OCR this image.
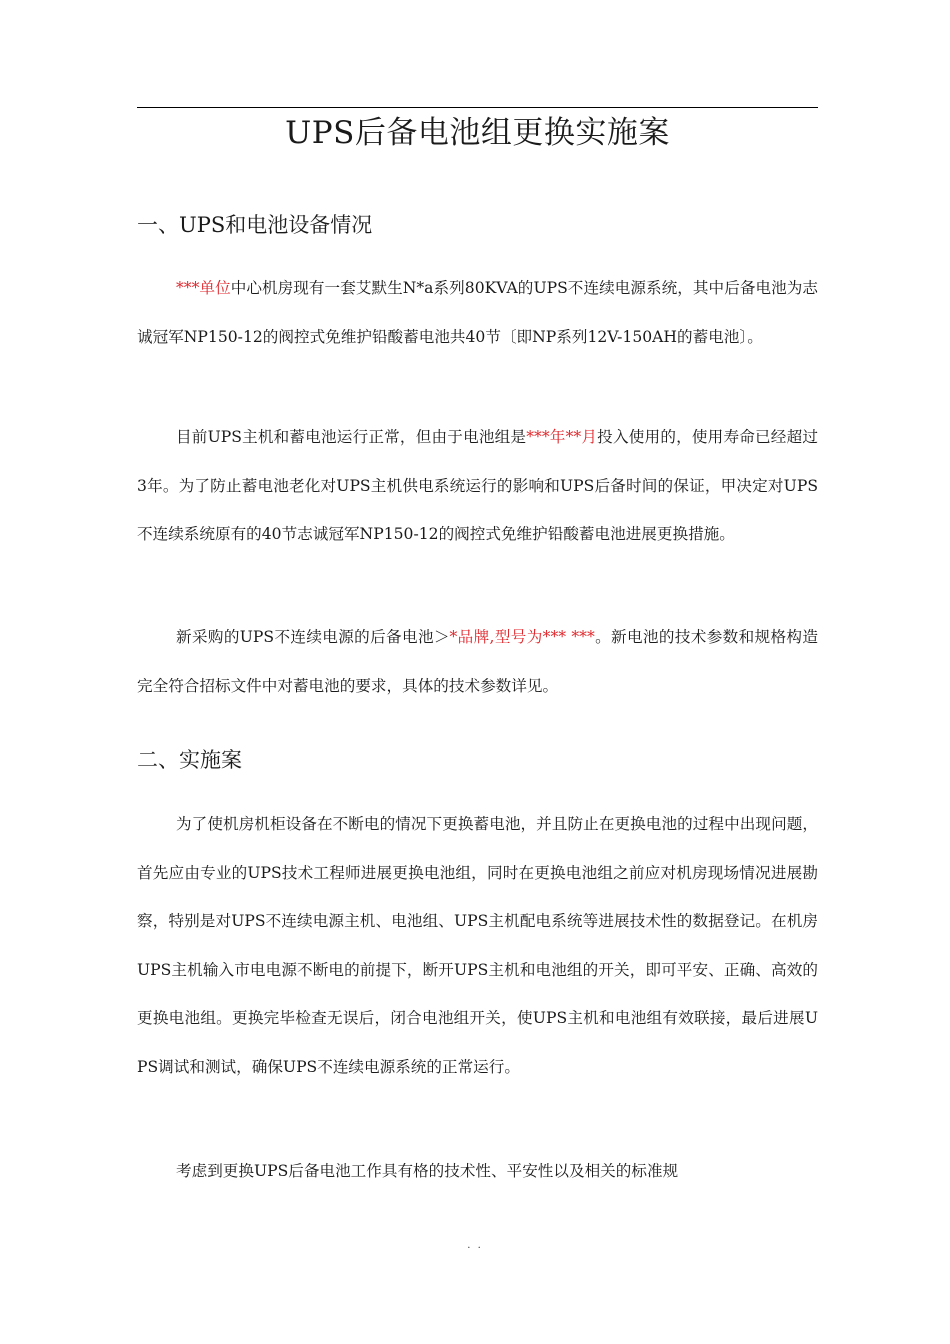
UPS后备电池组更换实施案
一、UPS和电池设备情况

***单位中心机房现有一套艾默生N*a系列80KVA的UPS不连续电源系统，其中后备电池为志诚冠军NP150-12的阀控式免维护铅酸蓄电池共40节〔即NP系列12V-150AH的蓄电池〕。

目前UPS主机和蓄电池运行正常，但由于电池组是***年**月投入使用的，使用寿命已经超过3年。为了防止蓄电池老化对UPS主机供电系统运行的影响和UPS后备时间的保证，甲决定对UPS不连续系统原有的40节志诚冠军NP150-12的阀控式免维护铅酸蓄电池进展更换措施。

新采购的UPS不连续电源的后备电池＞*品牌,型号为*** ***。新电池的技术参数和规格构造完全符合招标文件中对蓄电池的要求，具体的技术参数详见。

二、实施案

为了使机房机柜设备在不断电的情况下更换蓄电池，并且防止在更换电池的过程中出现问题，首先应由专业的UPS技术工程师进展更换电池组，同时在更换电池组之前应对机房现场情况进展勘察，特别是对UPS不连续电源主机、电池组、UPS主机配电系统等进展技术性的数据登记。在机房UPS主机输入市电电源不断电的前提下，断开UPS主机和电池组的开关，即可平安、正确、高效的更换电池组。更换完毕检查无误后，闭合电池组开关，使UPS主机和电池组有效联接，最后进展UPS调试和测试，确保UPS不连续电源系统的正常运行。

考虑到更换UPS后备电池工作具有格的技术性、平安性以及相关的标准规

. .
